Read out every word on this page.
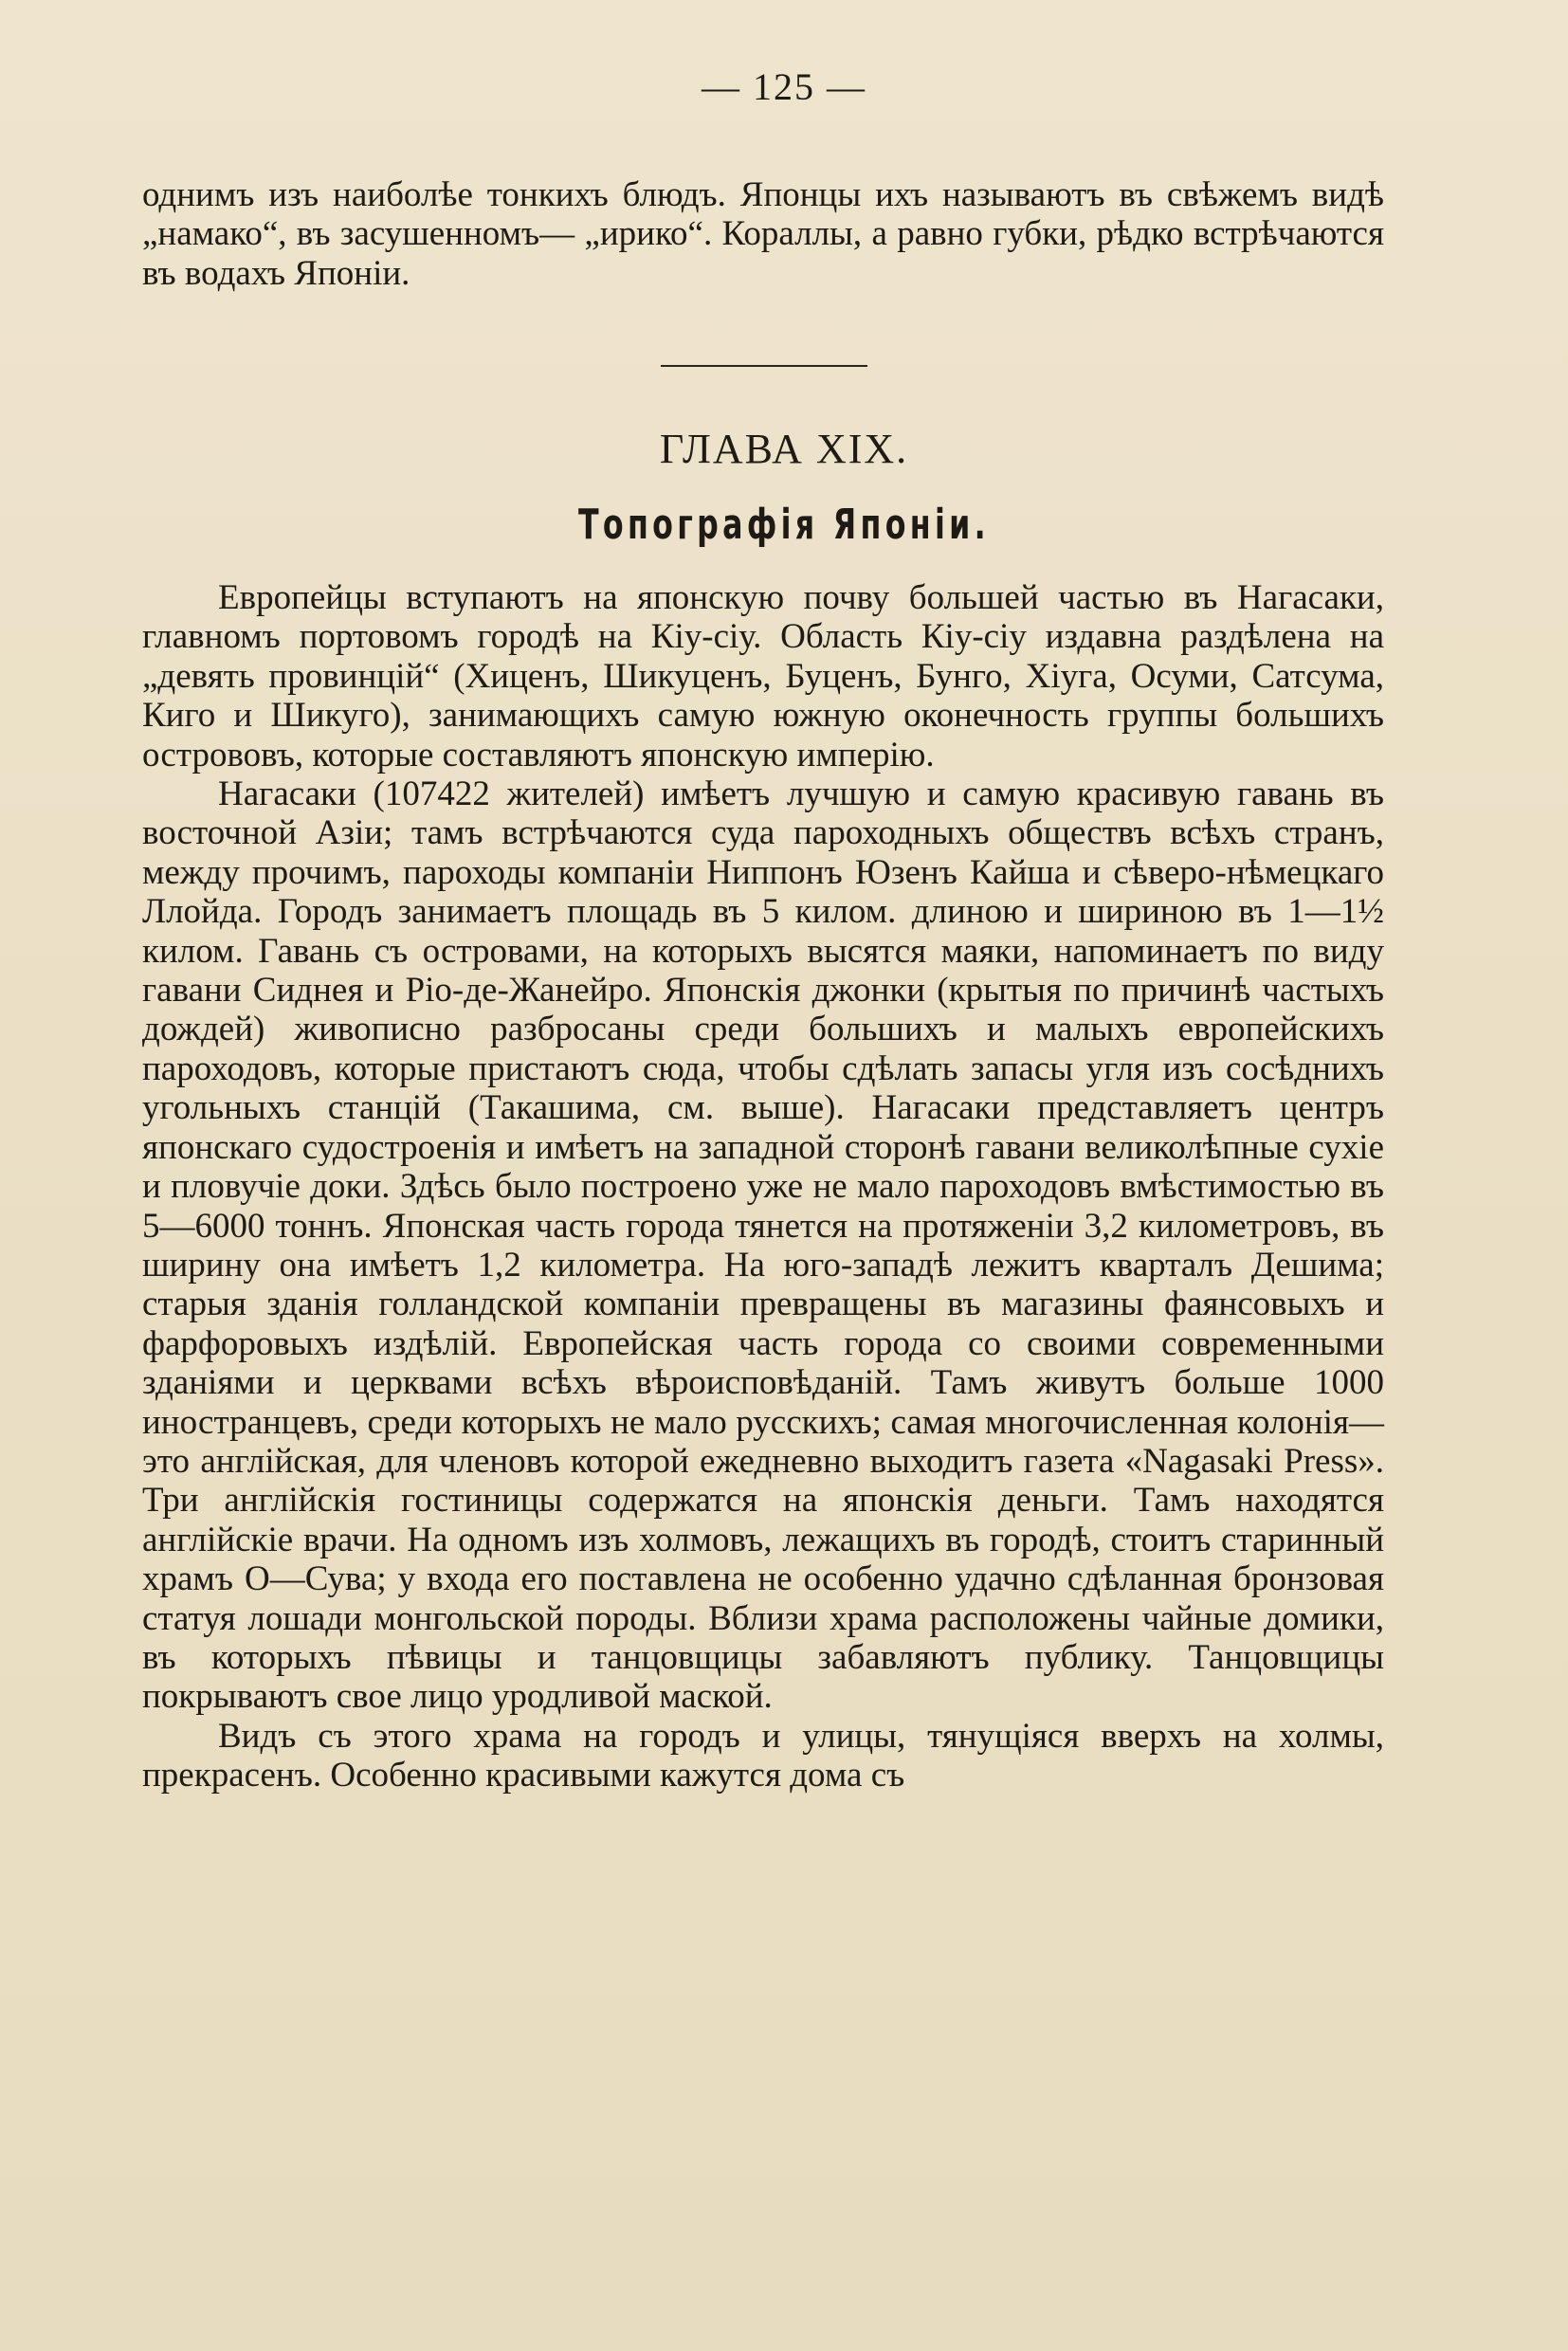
— 125 —

однимъ изъ наиболѣе тонкихъ блюдъ. Японцы ихъ называютъ въ свѣжемъ видѣ „намако“, въ засушенномъ— „ирико“. Кораллы, а равно губки, рѣдко встрѣчаются въ водахъ Японіи.

ГЛАВА XIX.
Топографія Японіи.

Европейцы вступаютъ на японскую почву большей частью въ Нагасаки, главномъ портовомъ городѣ на Кіу-сіу. Область Кіу-сіу издавна раздѣлена на „девять провинцій“ (Хиценъ, Шикуценъ, Буценъ, Бунго, Хіуга, Осуми, Сатсума, Киго и Шикуго), занимающихъ самую южную оконечность группы большихъ острововъ, которые составляютъ японскую имперію.

Нагасаки (107422 жителей) имѣетъ лучшую и самую красивую гавань въ восточной Азіи; тамъ встрѣчаются суда пароходныхъ обществъ всѣхъ странъ, между прочимъ, пароходы компаніи Ниппонъ Юзенъ Кайша и сѣверо-нѣмецкаго Ллойда. Городъ занимаетъ площадь въ 5 килом. длиною и шириною въ 1—1½ килом. Гавань съ островами, на которыхъ высятся маяки, напоминаетъ по виду гавани Сиднея и Ріо-де-Жанейро. Японскія джонки (крытыя по причинѣ частыхъ дождей) живописно разбросаны среди большихъ и малыхъ европейскихъ пароходовъ, которые пристаютъ сюда, чтобы сдѣлать запасы угля изъ сосѣднихъ угольныхъ станцій (Такашима, см. выше). Нагасаки представляетъ центръ японскаго судостроенія и имѣетъ на западной сторонѣ гавани великолѣпные сухіе и пловучіе доки. Здѣсь было построено уже не мало пароходовъ вмѣстимостью въ 5—6000 тоннъ. Японская часть города тянется на протяженіи 3,2 километровъ, въ ширину она имѣетъ 1,2 километра. На юго-западѣ лежитъ кварталъ Дешима; старыя зданія голландской компаніи превращены въ магазины фаянсовыхъ и фарфоровыхъ издѣлій. Европейская часть города со своими современными зданіями и церквами всѣхъ вѣроисповѣданій. Тамъ живутъ больше 1000 иностранцевъ, среди которыхъ не мало русскихъ; самая многочисленная колонія—это англійская, для членовъ которой ежедневно выходитъ газета «Nagasaki Press». Три англійскія гостиницы содержатся на японскія деньги. Тамъ находятся англійскіе врачи. На одномъ изъ холмовъ, лежащихъ въ городѣ, стоитъ старинный храмъ О—Сува; у входа его поставлена не особенно удачно сдѣланная бронзовая статуя лошади монгольской породы. Вблизи храма расположены чайные домики, въ которыхъ пѣвицы и танцовщицы забавляютъ публику. Танцовщицы покрываютъ свое лицо уродливой маской.

Видъ съ этого храма на городъ и улицы, тянущіяся вверхъ на холмы, прекрасенъ. Особенно красивыми кажутся дома съ
